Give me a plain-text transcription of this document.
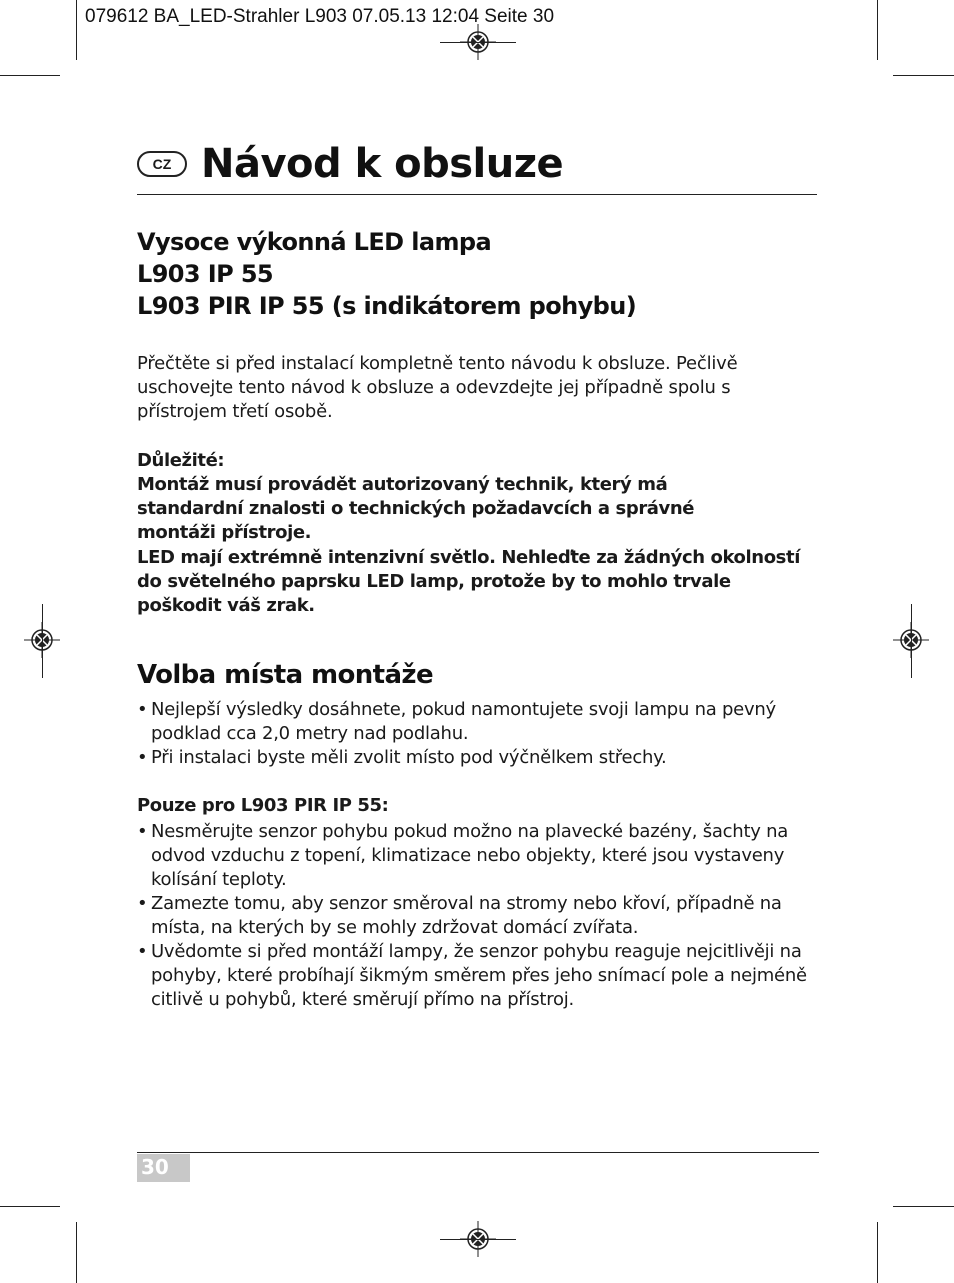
079612 BA_LED-Strahler L903 07.05.13 12:04 Seite 30
CZ Návod k obsluze
Vysoce výkonná LED lampa
L903 IP 55
L903 PIR IP 55 (s indikátorem pohybu)
Přečtěte si před instalací kompletně tento návodu k obsluze. Pečlivě uschovejte tento návod k obsluze a odevzdejte jej případně spolu s přístrojem třetí osobě.
Důležité:
Montáž musí provádět autorizovaný technik, který má standardní znalosti o technických požadavcích a správné montáži přístroje.
LED mají extrémně intenzivní světlo. Nehleďte za žádných okolností do světelného paprsku LED lamp, protože by to mohlo trvale poškodit váš zrak.
Volba místa montáže
• Nejlepší výsledky dosáhnete, pokud namontujete svoji lampu na pevný podklad cca 2,0 metry nad podlahu.
• Při instalaci byste měli zvolit místo pod výčnělkem střechy.
Pouze pro L903 PIR IP 55:
• Nesměrujte senzor pohybu pokud možno na plavecké bazény, šachty na odvod vzduchu z topení, klimatizace nebo objekty, které jsou vystaveny kolísání teploty.
• Zamezte tomu, aby senzor směroval na stromy nebo křoví, případně na místa, na kterých by se mohly zdržovat domácí zvířata.
• Uvědomte si před montáží lampy, že senzor pohybu reaguje nejcitlivěji na pohyby, které probíhají šikmým směrem přes jeho snímací pole a nejméně citlivě u pohybů, které směrují přímo na přístroj.
30
